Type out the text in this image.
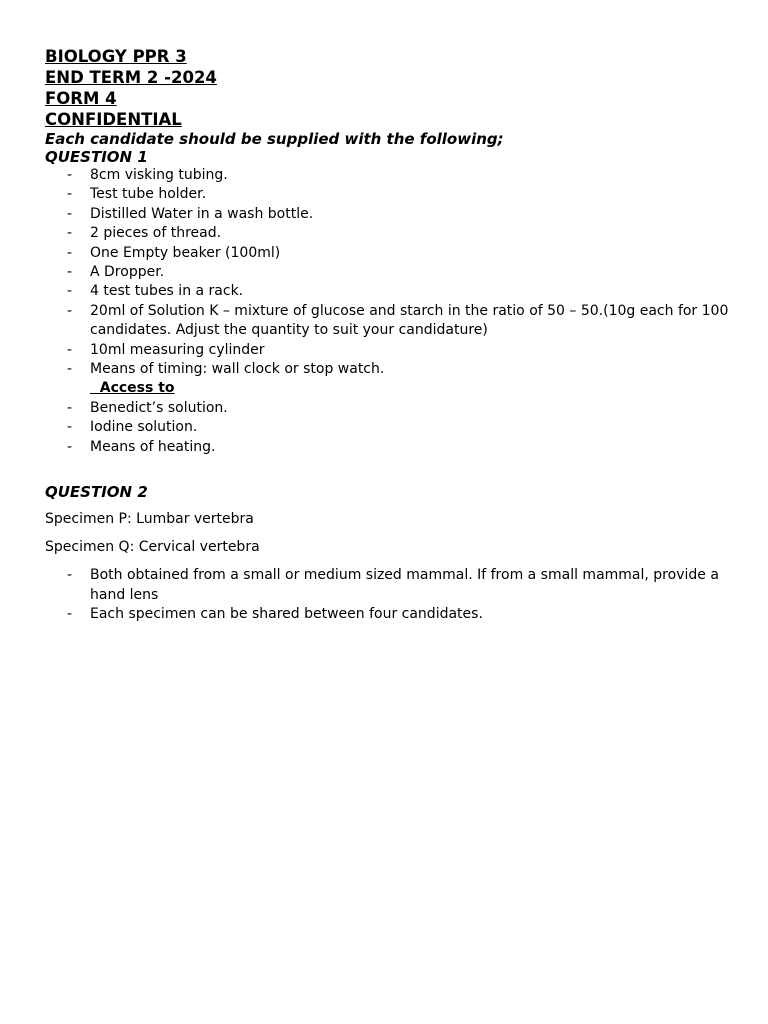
BIOLOGY PPR 3

END TERM 2 -2024

FORM 4

CONFIDENTIAL

Each candidate should be supplied with the following;

QUESTION 1

- 8cm visking tubing.
- Test tube holder.
- Distilled Water in a wash bottle.
- 2 pieces of thread.
- One Empty beaker (100ml)
- A Dropper.
- 4 test tubes in a rack.
- 20ml of Solution K – mixture of glucose and starch in the ratio of 50 – 50.(10g each for 100 candidates. Adjust the quantity to suit your candidature)
- 10ml measuring cylinder
- Means of timing: wall clock or stop watch.
Access to
- Benedict’s solution.
- Iodine solution.
- Means of heating.

QUESTION 2

Specimen P: Lumbar vertebra

Specimen Q: Cervical vertebra

- Both obtained from a small or medium sized mammal. If from a small mammal, provide a hand lens
- Each specimen can be shared between four candidates.
